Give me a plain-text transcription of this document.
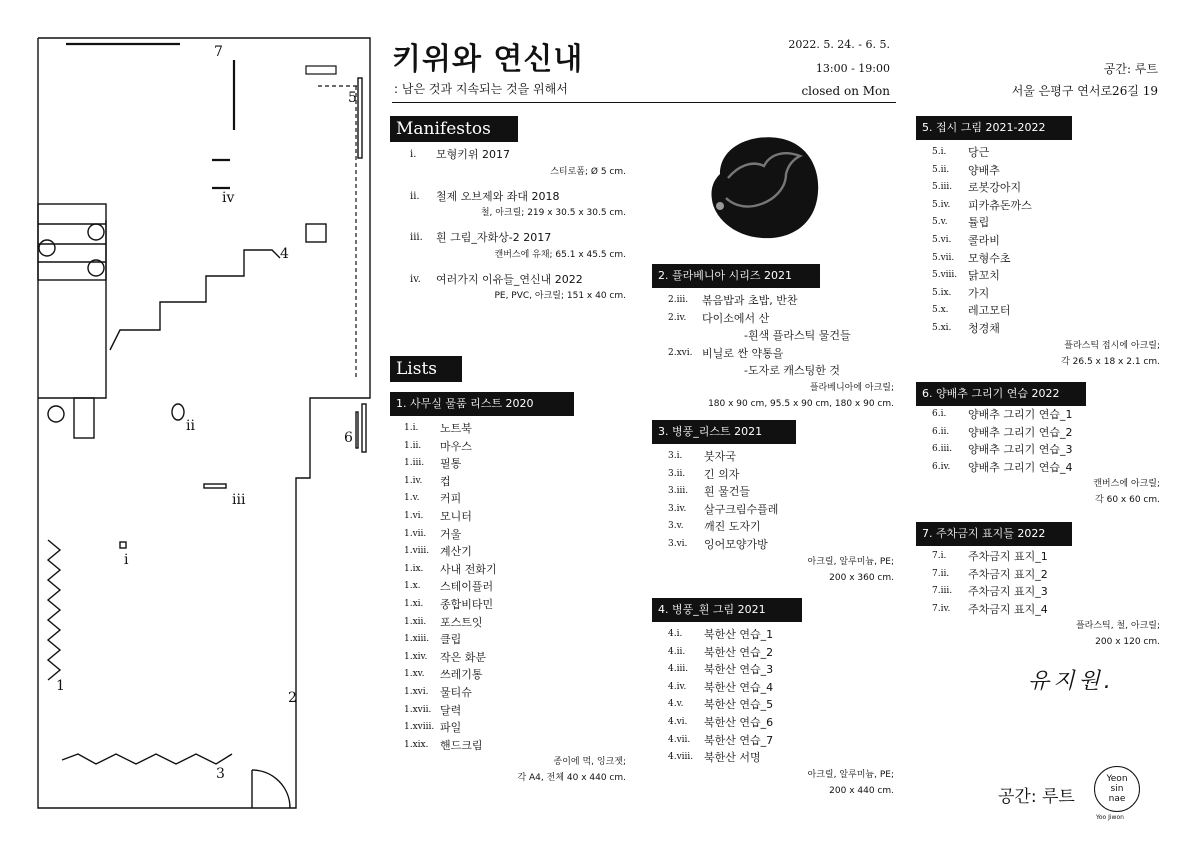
7
5
iv
4
ii
6
iii
i
1
2
3
키위와 연신내
: 남은 것과 지속되는 것을 위해서
2022. 5. 24. - 6. 5.
13:00 - 19:00
closed on Mon
공간: 루트
서울 은평구 연서로26길 19
Manifestos
i.	모형키위 2017
스티로폼; Ø 5 cm.
ii.	철제 오브제와 좌대 2018
철, 아크릴; 219 x 30.5 x 30.5 cm.
iii.	흰 그림_자화상-2 2017
캔버스에 유채; 65.1 x 45.5 cm.
iv.	여러가지 이유들_연신내 2022
PE, PVC, 아크릴; 151 x 40 cm.
Lists
1. 사무실 물품 리스트 2020
1.i.	노트북
1.ii.	마우스
1.iii.	필통
1.iv.	컵
1.v.	커피
1.vi.	모니터
1.vii.	거울
1.viii. 계산기
1.ix.	사내 전화기
1.x.	스테이플러
1.xi.	종합비타민
1.xii.	포스트잇
1.xiii. 클립
1.xiv.	작은 화분
1.xv.	쓰레기통
1.xvi.	물티슈
1.xvii. 달력
1.xviii. 파일
1.xix.	핸드크림
종이에 먹, 잉크젯;
각 A4, 전체 40 x 440 cm.
2. 플라베니아 시리즈 2021
2.iii.	볶음밥과 초밥, 반찬
2.iv.	다이소에서 산
-흰색 플라스틱 물건들
2.xvi. 비닐로 싼 약통을
-도자로 캐스팅한 것
플라베니아에 아크릴;
180 x 90 cm, 95.5 x 90 cm, 180 x 90 cm.
3. 병풍_리스트 2021
3.i.	붓자국
3.ii.	긴 의자
3.iii.	흰 물건들
3.iv.	살구크림수플레
3.v.	깨진 도자기
3.vi.	잉어모양가방
아크릴, 알루미늄, PE;
200 x 360 cm.
4. 병풍_흰 그림 2021
4.i.	북한산 연습_1
4.ii.	북한산 연습_2
4.iii.	북한산 연습_3
4.iv.	북한산 연습_4
4.v.	북한산 연습_5
4.vi.	북한산 연습_6
4.vii.	북한산 연습_7
4.viii. 북한산 서명
아크릴, 알루미늄, PE;
200 x 440 cm.
5. 접시 그림 2021-2022
5.i.	당근
5.ii.	양배추
5.iii.	로봇강아지
5.iv.	피카츄돈까스
5.v.	튤립
5.vi.	콜라비
5.vii.	모형수초
5.viii. 닭꼬치
5.ix.	가지
5.x.	레고모터
5.xi.	청경채
플라스틱 접시에 아크릴;
각 26.5 x 18 x 2.1 cm.
6. 양배추 그리기 연습 2022
6.i.	양배추 그리기 연습_1
6.ii.	양배추 그리기 연습_2
6.iii.	양배추 그리기 연습_3
6.iv.	양배추 그리기 연습_4
캔버스에 아크릴;
각 60 x 60 cm.
7. 주차금지 표지들 2022
7.i.	주차금지 표지_1
7.ii.	주차금지 표지_2
7.iii.	주차금지 표지_3
7.iv.	주차금지 표지_4
플라스틱, 철, 아크릴;
200 x 120 cm.
유지원.
공간: 루트
Yeon
sin
nae
Yoo Jiwon
